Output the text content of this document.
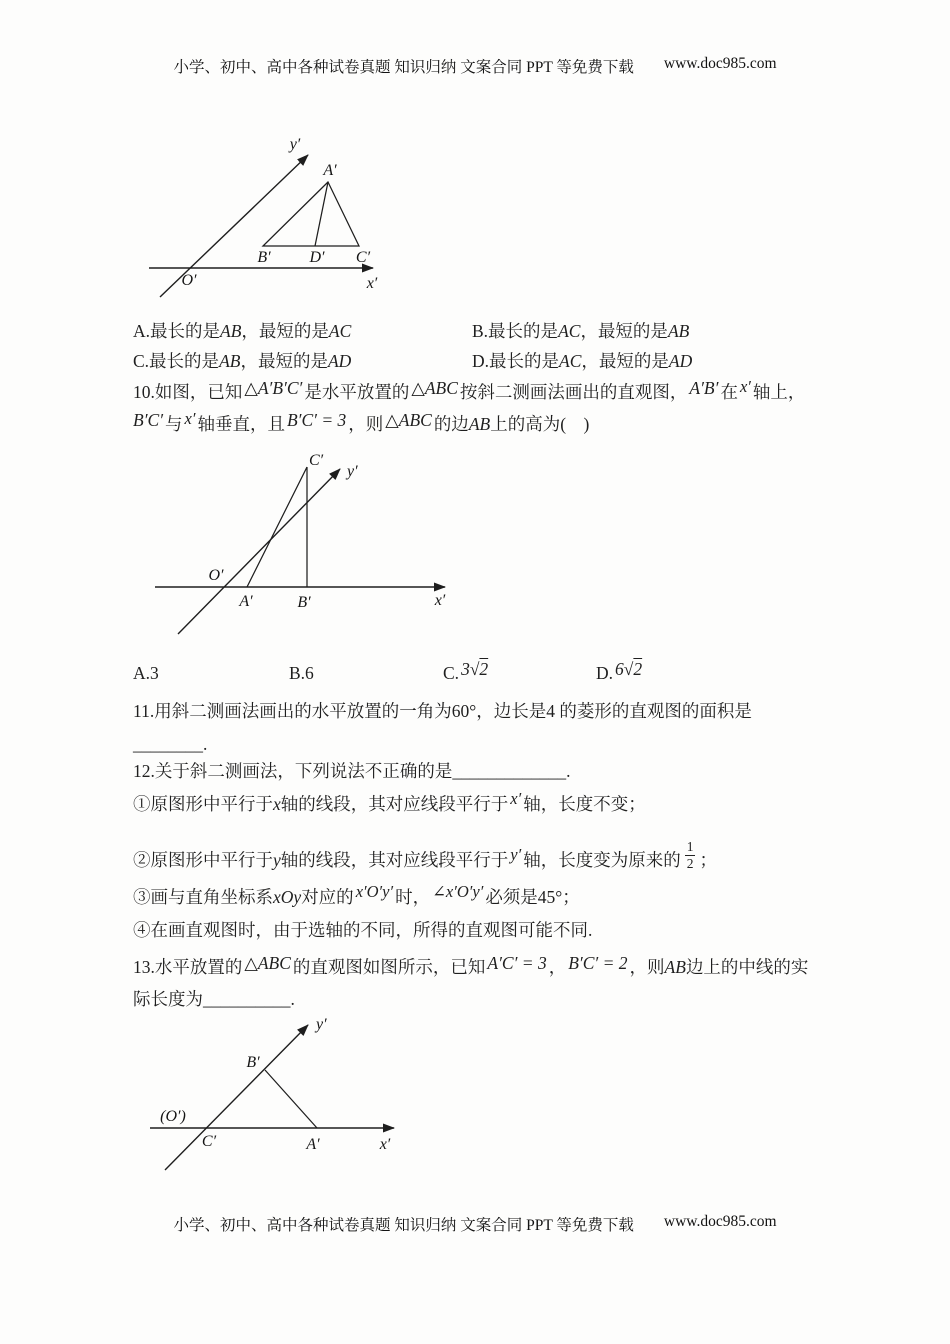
小学、初中、高中各种试卷真题 知识归纳 文案合同 PPT 等免费下载 www.doc985.com
y′
x′
O′
A′
B′ D′ C′
A.最长的是AB，最短的是AC	B.最长的是AC，最短的是AB
C.最长的是AB，最短的是AD	D.最长的是AC，最短的是AD
10.如图，已知 △A′B′C′ 是水平放置的 △ABC 按斜二测画法画出的直观图， A′B′ 在 x′ 轴上，
B′C′ 与 x′ 轴垂直，且 B′C′ = 3 ，则 △ABC 的边AB上的高为(　)
y′
x′
O′
A′	B′
C′
A.3	B.6	C. 3√2	D. 6√2
11.用斜二测画法画出的水平放置的一角为60°，边长是4 的菱形的直观图的面积是
________.
12.关于斜二测画法，下列说法不正确的是_____________.
①原图形中平行于x轴的线段，其对应线段平行于 x′ 轴，长度不变；
②原图形中平行于y轴的线段，其对应线段平行于 y′ 轴，长度变为原来的 $\frac{1}{2}$ ；
③画与直角坐标系xOy对应的 x′O′y′ 时， ∠x′O′y′ 必须是45°；
④在画直观图时，由于选轴的不同，所得的直观图可能不同.
13.水平放置的 △ABC 的直观图如图所示，已知 A′C′ = 3 ， B′C′ = 2 ，则AB边上的中线的实
际长度为__________.
y′
x′
(O′)
C′
B′
A′
小学、初中、高中各种试卷真题 知识归纳 文案合同 PPT 等免费下载 www.doc985.com
